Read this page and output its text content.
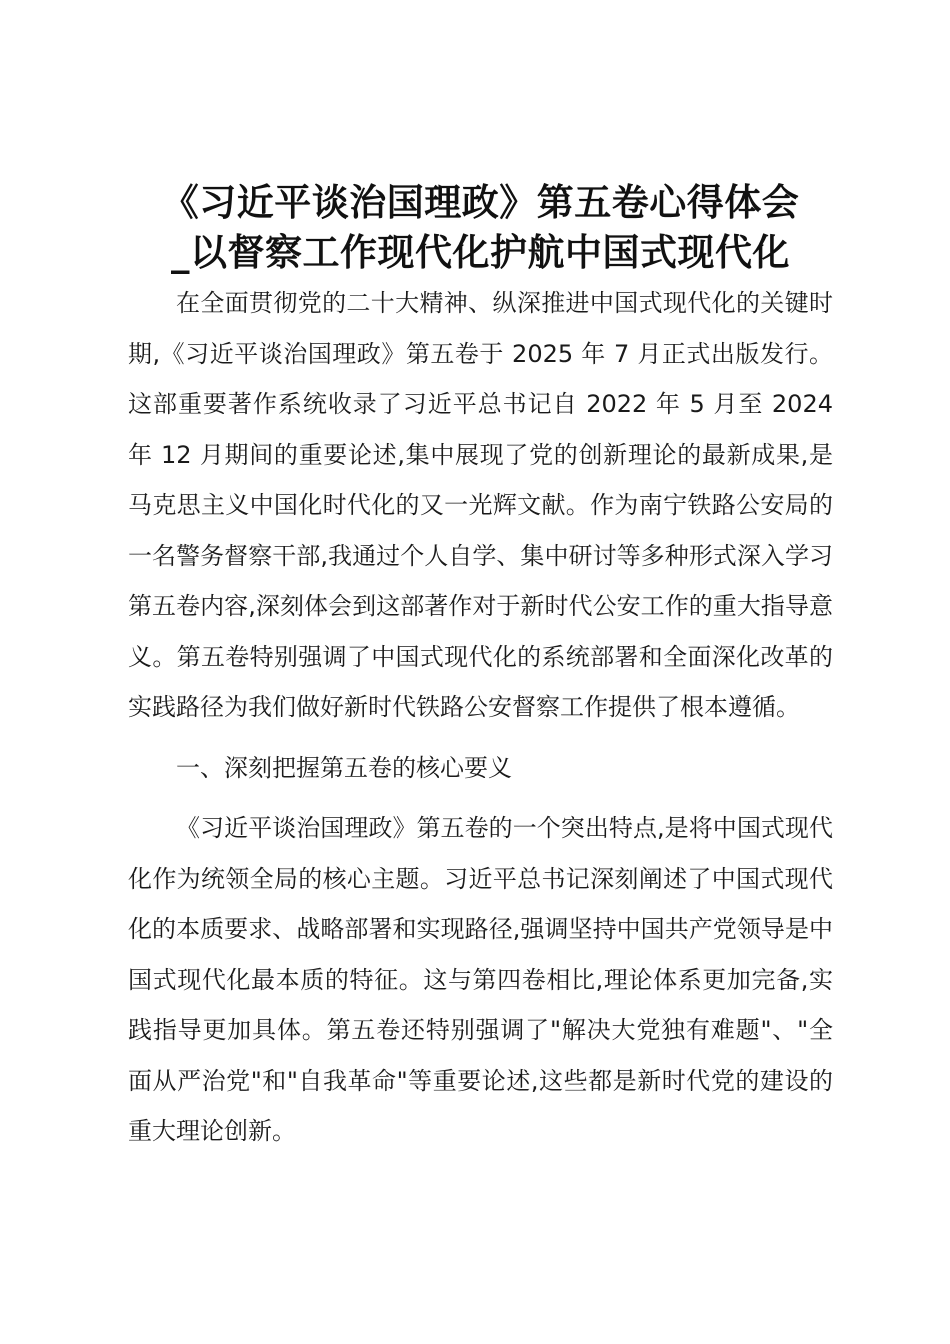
《习近平谈治国理政》第五卷心得体会
_以督察工作现代化护航中国式现代化

在全面贯彻党的二十大精神、纵深推进中国式现代化的关键时期,《习近平谈治国理政》第五卷于 2025 年 7 月正式出版发行。这部重要著作系统收录了习近平总书记自 2022 年 5 月至 2024 年 12 月期间的重要论述,集中展现了党的创新理论的最新成果,是马克思主义中国化时代化的又一光辉文献。作为南宁铁路公安局的一名警务督察干部,我通过个人自学、集中研讨等多种形式深入学习第五卷内容,深刻体会到这部著作对于新时代公安工作的重大指导意义。第五卷特别强调了中国式现代化的系统部署和全面深化改革的实践路径为我们做好新时代铁路公安督察工作提供了根本遵循。

一、深刻把握第五卷的核心要义

《习近平谈治国理政》第五卷的一个突出特点,是将中国式现代化作为统领全局的核心主题。习近平总书记深刻阐述了中国式现代化的本质要求、战略部署和实现路径,强调坚持中国共产党领导是中国式现代化最本质的特征。这与第四卷相比,理论体系更加完备,实践指导更加具体。第五卷还特别强调了"解决大党独有难题"、"全面从严治党"和"自我革命"等重要论述,这些都是新时代党的建设的重大理论创新。
